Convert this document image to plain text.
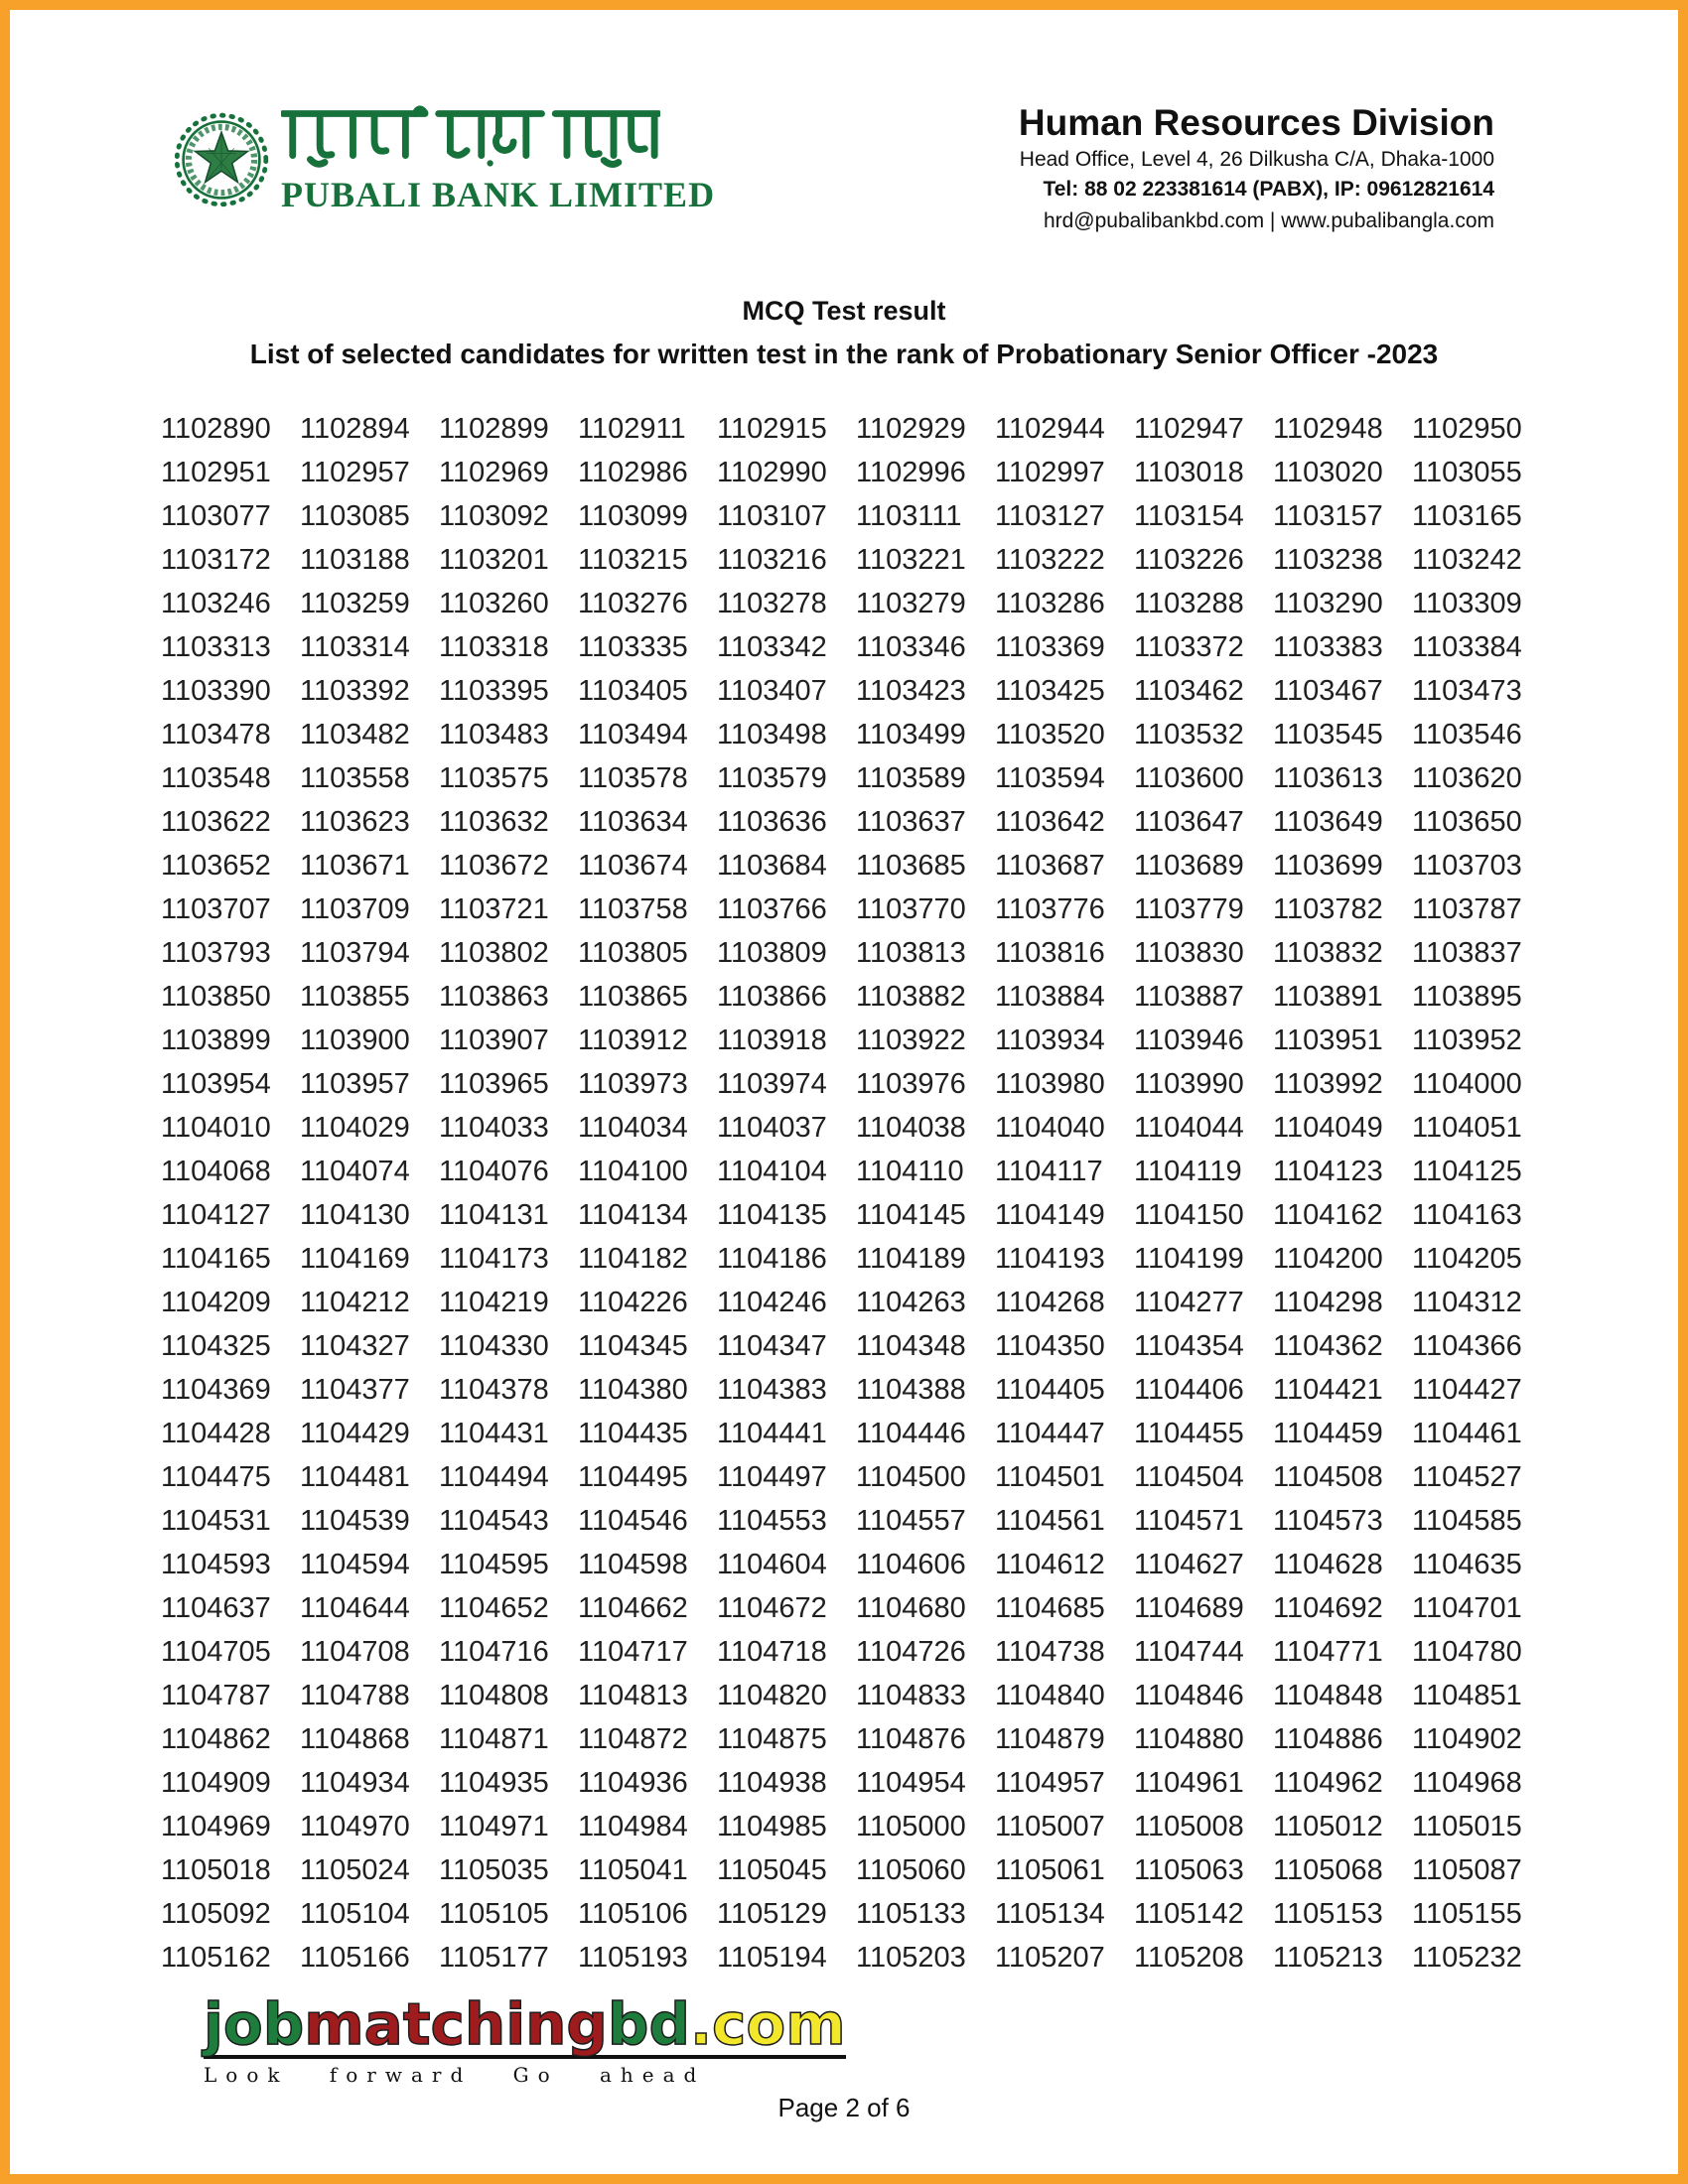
PUBALI BANK LIMITED
Human Resources Division
Head Office, Level 4, 26 Dilkusha C/A, Dhaka-1000
Tel: 88 02 223381614 (PABX), IP: 09612821614
hrd@pubalibankbd.com | www.pubalibangla.com
MCQ Test result
List of selected candidates for written test in the rank of Probationary Senior Officer -2023
1102890 1102894 1102899 1102911 1102915 1102929 1102944 1102947 1102948 1102950
1102951 1102957 1102969 1102986 1102990 1102996 1102997 1103018 1103020 1103055
1103077 1103085 1103092 1103099 1103107 1103111 1103127 1103154 1103157 1103165
1103172 1103188 1103201 1103215 1103216 1103221 1103222 1103226 1103238 1103242
1103246 1103259 1103260 1103276 1103278 1103279 1103286 1103288 1103290 1103309
1103313 1103314 1103318 1103335 1103342 1103346 1103369 1103372 1103383 1103384
1103390 1103392 1103395 1103405 1103407 1103423 1103425 1103462 1103467 1103473
1103478 1103482 1103483 1103494 1103498 1103499 1103520 1103532 1103545 1103546
1103548 1103558 1103575 1103578 1103579 1103589 1103594 1103600 1103613 1103620
1103622 1103623 1103632 1103634 1103636 1103637 1103642 1103647 1103649 1103650
1103652 1103671 1103672 1103674 1103684 1103685 1103687 1103689 1103699 1103703
1103707 1103709 1103721 1103758 1103766 1103770 1103776 1103779 1103782 1103787
1103793 1103794 1103802 1103805 1103809 1103813 1103816 1103830 1103832 1103837
1103850 1103855 1103863 1103865 1103866 1103882 1103884 1103887 1103891 1103895
1103899 1103900 1103907 1103912 1103918 1103922 1103934 1103946 1103951 1103952
1103954 1103957 1103965 1103973 1103974 1103976 1103980 1103990 1103992 1104000
1104010 1104029 1104033 1104034 1104037 1104038 1104040 1104044 1104049 1104051
1104068 1104074 1104076 1104100 1104104 1104110 1104117 1104119 1104123 1104125
1104127 1104130 1104131 1104134 1104135 1104145 1104149 1104150 1104162 1104163
1104165 1104169 1104173 1104182 1104186 1104189 1104193 1104199 1104200 1104205
1104209 1104212 1104219 1104226 1104246 1104263 1104268 1104277 1104298 1104312
1104325 1104327 1104330 1104345 1104347 1104348 1104350 1104354 1104362 1104366
1104369 1104377 1104378 1104380 1104383 1104388 1104405 1104406 1104421 1104427
1104428 1104429 1104431 1104435 1104441 1104446 1104447 1104455 1104459 1104461
1104475 1104481 1104494 1104495 1104497 1104500 1104501 1104504 1104508 1104527
1104531 1104539 1104543 1104546 1104553 1104557 1104561 1104571 1104573 1104585
1104593 1104594 1104595 1104598 1104604 1104606 1104612 1104627 1104628 1104635
1104637 1104644 1104652 1104662 1104672 1104680 1104685 1104689 1104692 1104701
1104705 1104708 1104716 1104717 1104718 1104726 1104738 1104744 1104771 1104780
1104787 1104788 1104808 1104813 1104820 1104833 1104840 1104846 1104848 1104851
1104862 1104868 1104871 1104872 1104875 1104876 1104879 1104880 1104886 1104902
1104909 1104934 1104935 1104936 1104938 1104954 1104957 1104961 1104962 1104968
1104969 1104970 1104971 1104984 1104985 1105000 1105007 1105008 1105012 1105015
1105018 1105024 1105035 1105041 1105045 1105060 1105061 1105063 1105068 1105087
1105092 1105104 1105105 1105106 1105129 1105133 1105134 1105142 1105153 1105155
1105162 1105166 1105177 1105193 1105194 1105203 1105207 1105208 1105213 1105232
jobmatchingbd.com
Look forward Go ahead
Page 2 of 6
